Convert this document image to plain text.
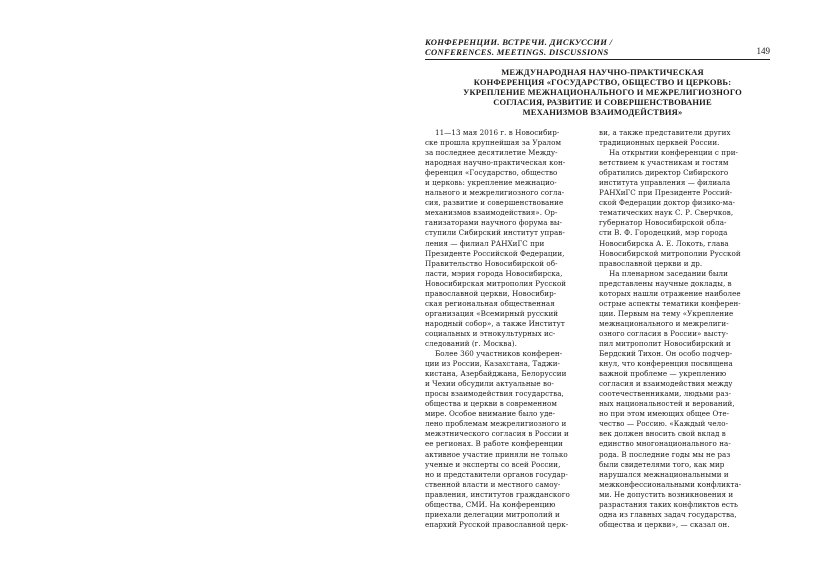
КОНФЕРЕНЦИИ. ВСТРЕЧИ. ДИСКУССИИ /
CONFERENCES. MEETINGS. DISCUSSIONS	149
МЕЖДУНАРОДНАЯ НАУЧНО-ПРАКТИЧЕСКАЯ
КОНФЕРЕНЦИЯ «ГОСУДАРСТВО, ОБЩЕСТВО И ЦЕРКОВЬ:
УКРЕПЛЕНИЕ МЕЖНАЦИОНАЛЬНОГО И МЕЖРЕЛИГИОЗНОГО
СОГЛАСИЯ, РАЗВИТИЕ И СОВЕРШЕНСТВОВАНИЕ
МЕХАНИЗМОВ ВЗАИМОДЕЙСТВИЯ»
11—13 мая 2016 г. в Новосибир-
ске прошла крупнейшая за Уралом
за последнее десятилетие Между-
народная научно-практическая кон-
ференция «Государство, общество
и церковь: укрепление межнацио-
нального и межрелигиозного согла-
сия, развитие и совершенствование
механизмов взаимодействия». Ор-
ганизаторами научного форума вы-
ступили Сибирский институт управ-
ления — филиал РАНХиГС при
Президенте Российской Федерации,
Правительство Новосибирской об-
ласти, мэрия города Новосибирска,
Новосибирская митрополия Русской
православной церкви, Новосибир-
ская региональная общественная
организация «Всемирный русский
народный собор», а также Институт
социальных и этнокультурных ис-
следований (г. Москва).
Более 360 участников конферен-
ции из России, Казахстана, Таджи-
кистана, Азербайджана, Белоруссии
и Чехии обсудили актуальные во-
просы взаимодействия государства,
общества и церкви в современном
мире. Особое внимание было уде-
лено проблемам межрелигиозного и
межэтнического согласия в России и
ее регионах. В работе конференции
активное участие приняли не только
ученые и эксперты со всей России,
но и представители органов государ-
ственной власти и местного самоу-
правления, институтов гражданского
общества, СМИ. На конференцию
приехали делегации митрополий и
епархий Русской православной церк-
ви, а также представители других
традиционных церквей России.
На открытии конференции с при-
ветствием к участникам и гостям
обратились директор Сибирского
института управления — филиала
РАНХиГС при Президенте Россий-
ской Федерации доктор физико-ма-
тематических наук С. Р. Сверчков,
губернатор Новосибирской обла-
сти В. Ф. Городецкий, мэр города
Новосибирска А. Е. Локоть, глава
Новосибирской митрополии Русской
православной церкви и др.
На пленарном заседании были
представлены научные доклады, в
которых нашли отражение наиболее
острые аспекты тематики конферен-
ции. Первым на тему «Укрепление
межнационального и межрелиги-
озного согласия в России» высту-
пил митрополит Новосибирский и
Бердский Тихон. Он особо подчер-
кнул, что конференция посвящена
важной проблеме — укреплению
согласия и взаимодействия между
соотечественниками, людьми раз-
ных национальностей и верований,
но при этом имеющих общее Оте-
чество — Россию. «Каждый чело-
век должен вносить свой вклад в
единство многонационального на-
рода. В последние годы мы не раз
были свидетелями того, как мир
нарушался межнациональными и
межконфессиональными конфликта-
ми. Не допустить возникновения и
разрастания таких конфликтов есть
одна из главных задач государства,
общества и церкви», — сказал он.
